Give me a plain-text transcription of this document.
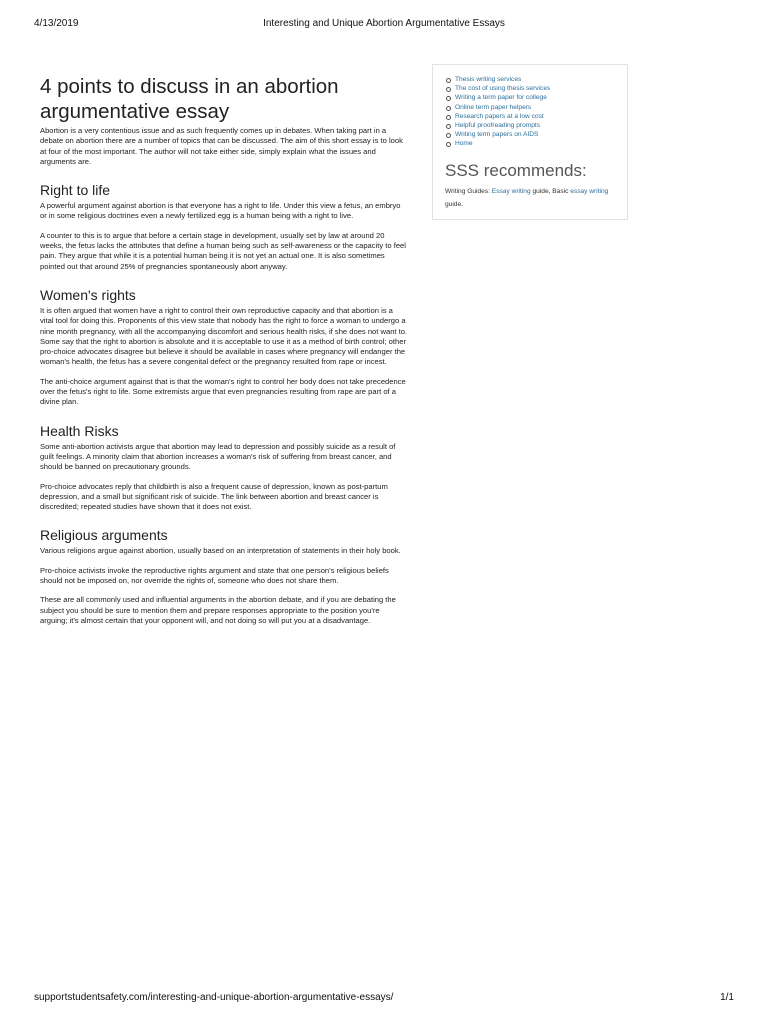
4/13/2019	Interesting and Unique Abortion Argumentative Essays
4 points to discuss in an abortion argumentative essay

Abortion is a very contentious issue and as such frequently comes up in debates. When taking part in a debate on abortion there are a number of topics that can be discussed. The aim of this short essay is to look at four of the most important. The author will not take either side, simply explain what the issues and arguments are.

Right to life

A powerful argument against abortion is that everyone has a right to life. Under this view a fetus, an embryo or in some religious doctrines even a newly fertilized egg is a human being with a right to live.

A counter to this is to argue that before a certain stage in development, usually set by law at around 20 weeks, the fetus lacks the attributes that define a human being such as self-awareness or the capacity to feel pain. They argue that while it is a potential human being it is not yet an actual one. It is also sometimes pointed out that around 25% of pregnancies spontaneously abort anyway.

Women's rights

It is often argued that women have a right to control their own reproductive capacity and that abortion is a vital tool for doing this. Proponents of this view state that nobody has the right to force a woman to undergo a nine month pregnancy, with all the accompanying discomfort and serious health risks, if she does not want to. Some say that the right to abortion is absolute and it is acceptable to use it as a method of birth control; other pro-choice advocates disagree but believe it should be available in cases where pregnancy will endanger the woman's health, the fetus has a severe congenital defect or the pregnancy resulted from rape or incest.

The anti-choice argument against that is that the woman's right to control her body does not take precedence over the fetus's right to life. Some extremists argue that even pregnancies resulting from rape are part of a divine plan.

Health Risks

Some anti-abortion activists argue that abortion may lead to depression and possibly suicide as a result of guilt feelings. A minority claim that abortion increases a woman's risk of suffering from breast cancer, and should be banned on precautionary grounds.

Pro-choice advocates reply that childbirth is also a frequent cause of depression, known as post-partum depression, and a small but significant risk of suicide. The link between abortion and breast cancer is discredited; repeated studies have shown that it does not exist.

Religious arguments

Various religions argue against abortion, usually based on an interpretation of statements in their holy book.

Pro-choice activists invoke the reproductive rights argument and state that one person's religious beliefs should not be imposed on, nor override the rights of, someone who does not share them.

These are all commonly used and influential arguments in the abortion debate, and if you are debating the subject you should be sure to mention them and prepare responses appropriate to the position you're arguing; it's almost certain that your opponent will, and not doing so will put you at a disadvantage.

Thesis writing services
The cost of using thesis services
Writing a term paper for college
Online term paper helpers
Research papers at a low cost
Helpful proofreading prompts
Writing term papers on AIDS
Home
SSS recommends:
Writing Guides: Essay writing guide, Basic essay writing guide.
supportstudentsafety.com/interesting-and-unique-abortion-argumentative-essays/	1/1
